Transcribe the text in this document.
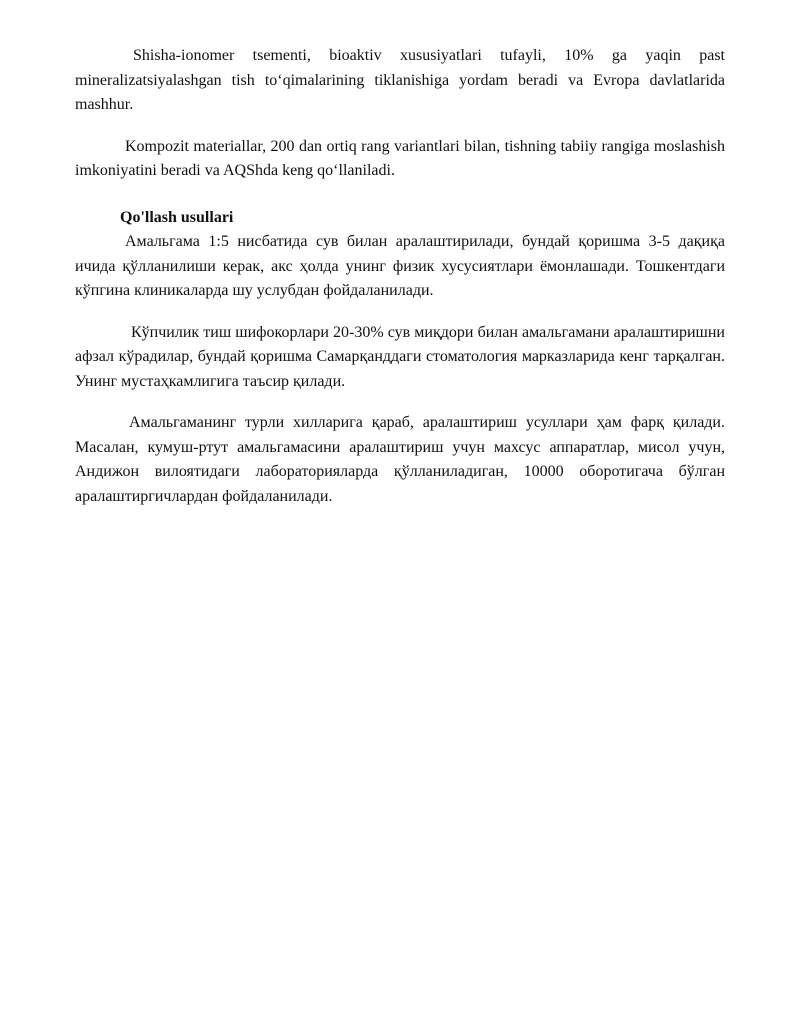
Shisha-ionomer tsementi, bioaktiv xususiyatlari tufayli, 10% ga yaqin past mineralizatsiyalashgan tish to‘qimalarining tiklanishiga yordam beradi va Evropa davlatlarida mashhur.

Kompozit materiallar, 200 dan ortiq rang variantlari bilan, tishning tabiiy rangiga moslashish imkoniyatini beradi va AQShda keng qo‘llaniladi.

Qo'llash usullari

Амальгама 1:5 нисбатида сув билан аралаштирилади, бундай қоришма 3-5 дақиқа ичида қўлланилиши керак, акс ҳолда унинг физик хусусиятлари ёмонлашади. Тошкентдаги кўпгина клиникаларда шу услубдан фойдаланилади.

Кўпчилик тиш шифокорлари 20-30% сув миқдори билан амальгамани аралаштиришни афзал кўрадилар, бундай қоришма Самарқанддаги стоматология марказларида кенг тарқалган. Унинг мустаҳкамлигига таъсир қилади.

Амальгаманинг турли хилларига қараб, аралаштириш усуллари ҳам фарқ қилади. Масалан, кумуш-ртут амальгамасини аралаштириш учун махсус аппаратлар, мисол учун, Андижон вилоятидаги лабораторияларда қўлланиладиган, 10000 оборотигача бўлган аралаштиргичлардан фойдаланилади.
